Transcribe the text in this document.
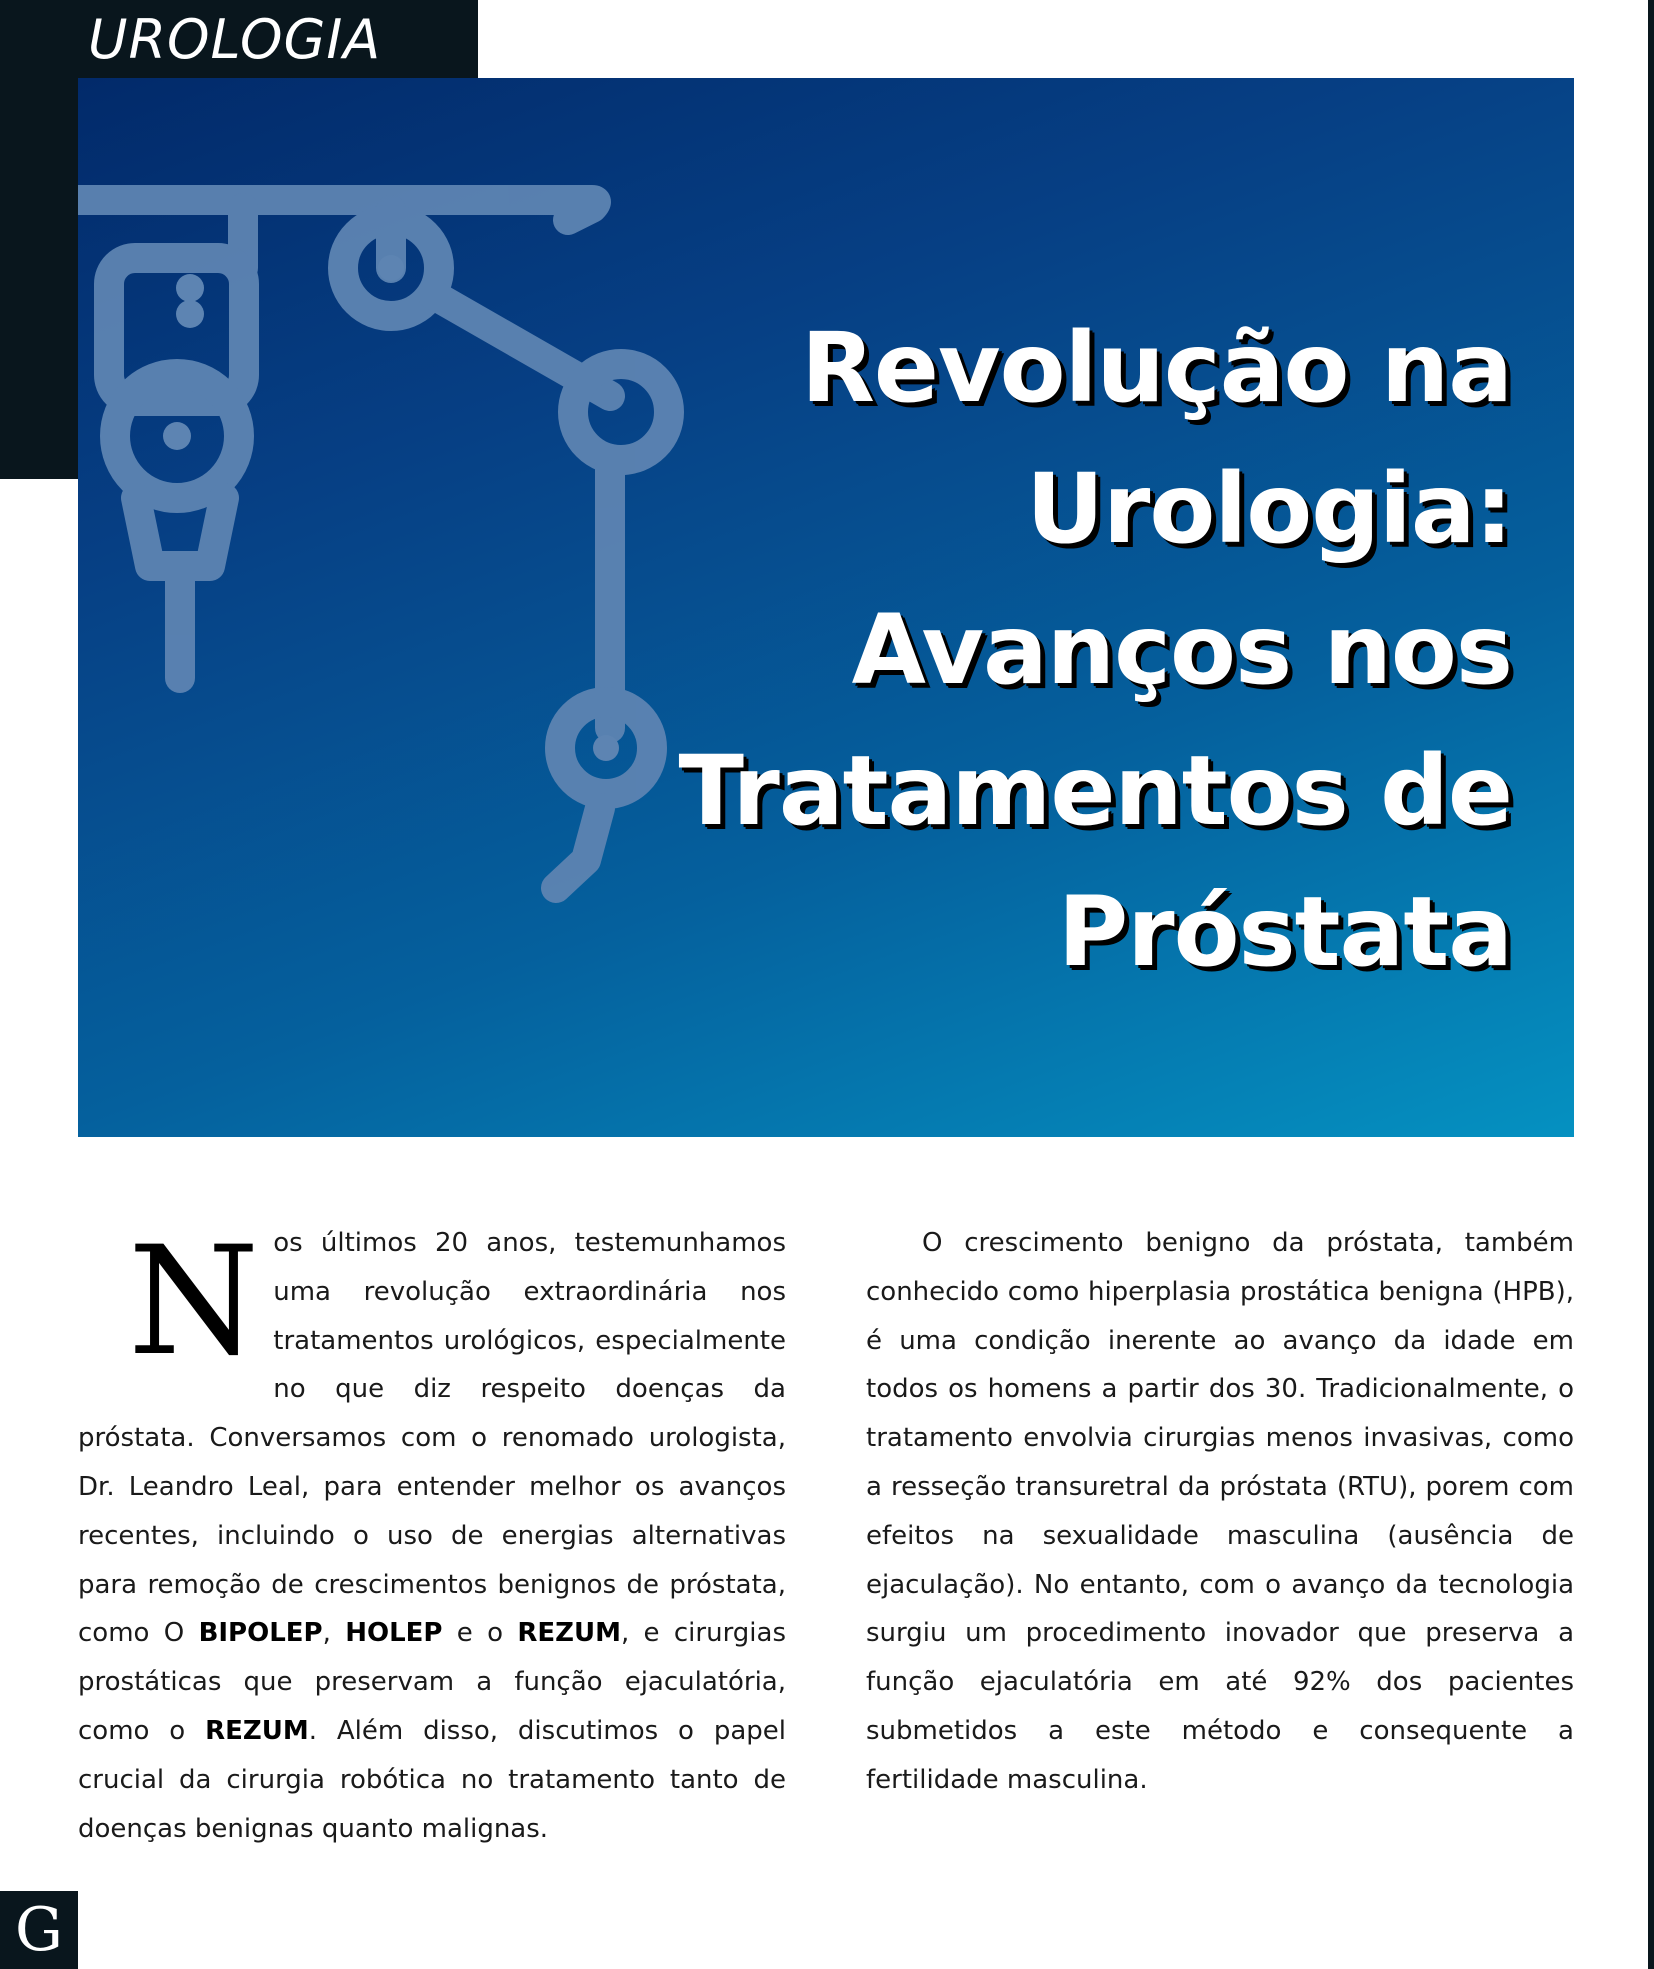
UROLOGIA
Revolução na
Urologia:
Avanços nos
Tratamentos de
Próstata

Nos últimos 20 anos, testemunhamos uma revolução extraordinária nos tratamentos urológicos, especialmente no que diz respeito doenças da próstata. Conversamos com o renomado urologista, Dr. Leandro Leal, para entender melhor os avanços recentes, incluindo o uso de energias alternativas para remoção de crescimentos benignos de próstata, como O BIPOLEP, HOLEP e o REZUM, e cirurgias prostáticas que preservam a função ejaculatória, como o REZUM. Além disso, discutimos o papel crucial da cirurgia robótica no tratamento tanto de doenças benignas quanto malignas.

O crescimento benigno da próstata, também conhecido como hiperplasia prostática benigna (HPB), é uma condição inerente ao avanço da idade em todos os homens a partir dos 30. Tradicionalmente, o tratamento envolvia cirurgias menos invasivas, como a resseção transuretral da próstata (RTU), porem com efeitos na sexualidade masculina (ausência de ejaculação). No entanto, com o avanço da tecnologia surgiu um procedimento inovador que preserva a função ejaculatória em até 92% dos pacientes submetidos a este método e consequente a fertilidade masculina.

G
